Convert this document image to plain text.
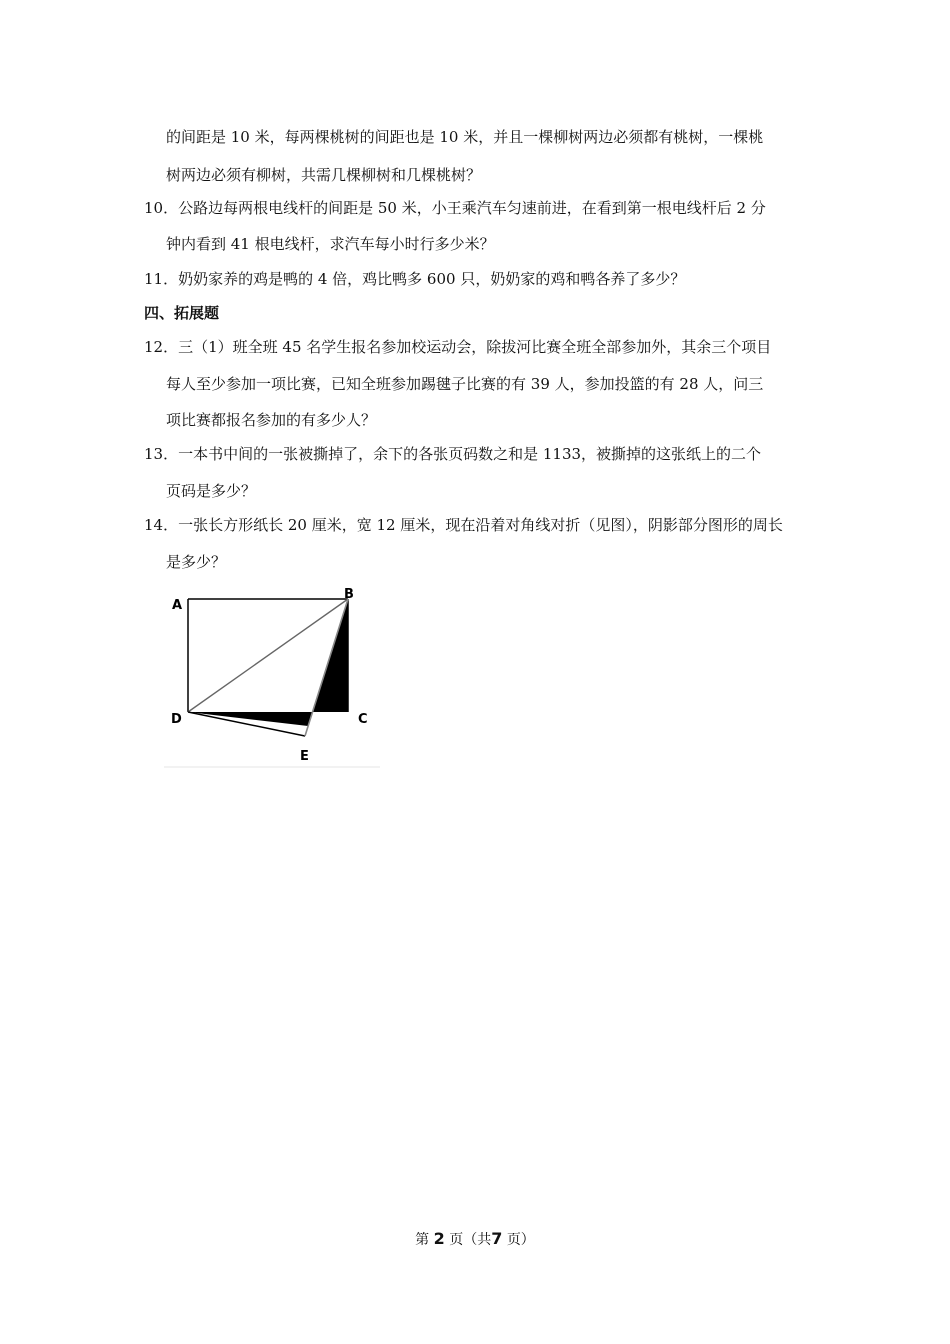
的间距是 10 米，每两棵桃树的间距也是 10 米，并且一棵柳树两边必须都有桃树，一棵桃
树两边必须有柳树，共需几棵柳树和几棵桃树？
10．公路边每两根电线杆的间距是 50 米，小王乘汽车匀速前进，在看到第一根电线杆后 2 分
钟内看到 41 根电线杆，求汽车每小时行多少米？
11．奶奶家养的鸡是鸭的 4 倍，鸡比鸭多 600 只，奶奶家的鸡和鸭各养了多少？
四、拓展题
12．三（1）班全班 45 名学生报名参加校运动会，除拔河比赛全班全部参加外，其余三个项目
每人至少参加一项比赛，已知全班参加踢毽子比赛的有 39 人，参加投篮的有 28 人，问三
项比赛都报名参加的有多少人？
13．一本书中间的一张被撕掉了，余下的各张页码数之和是 1133，被撕掉的这张纸上的二个
页码是多少？
14．一张长方形纸长 20 厘米，宽 12 厘米，现在沿着对角线对折（见图），阴影部分图形的周长
是多少？
A
B
C
D
E
第 2 页（共7 页）
